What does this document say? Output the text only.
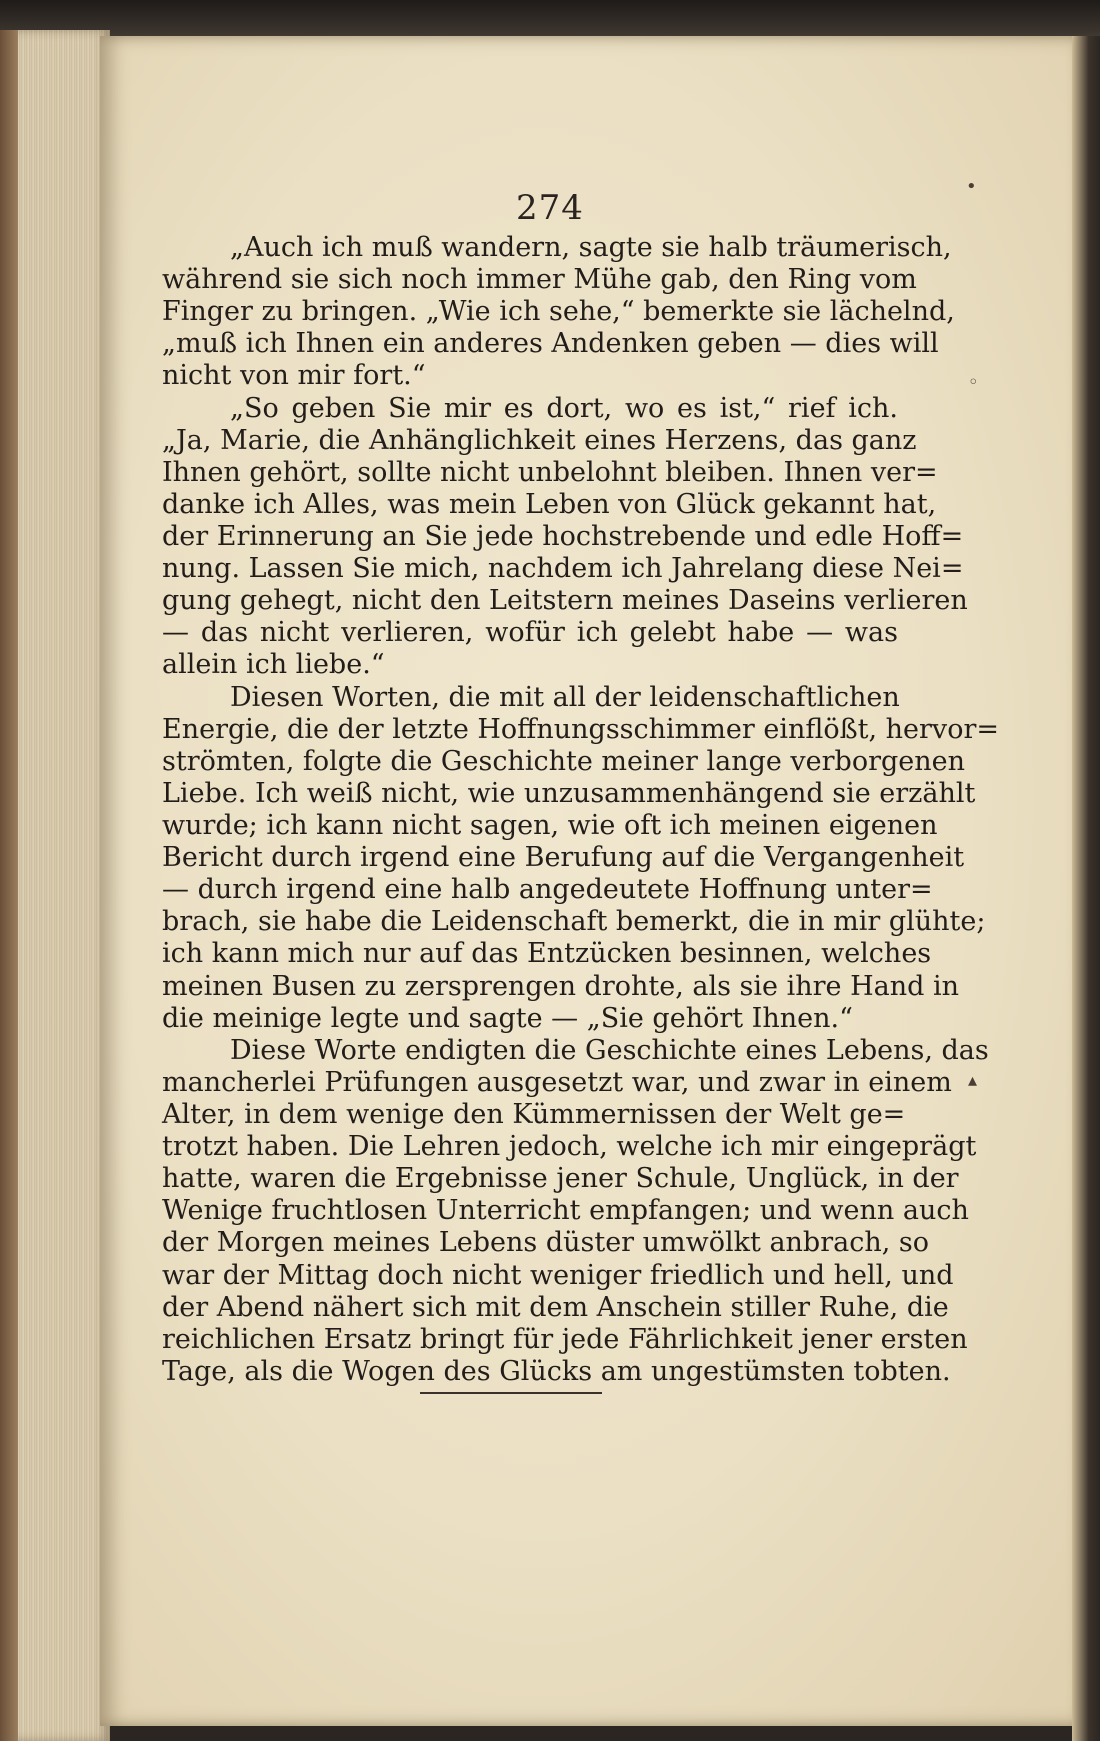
274
„Auch ich muß wandern, sagte sie halb träumerisch,
während sie sich noch immer Mühe gab, den Ring vom
Finger zu bringen. „Wie ich sehe,“ bemerkte sie lächelnd,
„muß ich Ihnen ein anderes Andenken geben — dies will
nicht von mir fort.“
„So geben Sie mir es dort, wo es ist,“ rief ich.
„Ja, Marie, die Anhänglichkeit eines Herzens, das ganz
Ihnen gehört, sollte nicht unbelohnt bleiben. Ihnen ver=
danke ich Alles, was mein Leben von Glück gekannt hat,
der Erinnerung an Sie jede hochstrebende und edle Hoff=
nung. Lassen Sie mich, nachdem ich Jahrelang diese Nei=
gung gehegt, nicht den Leitstern meines Daseins verlieren
— das nicht verlieren, wofür ich gelebt habe — was
allein ich liebe.“
Diesen Worten, die mit all der leidenschaftlichen
Energie, die der letzte Hoffnungsschimmer einflößt, hervor=
strömten, folgte die Geschichte meiner lange verborgenen
Liebe. Ich weiß nicht, wie unzusammenhängend sie erzählt
wurde; ich kann nicht sagen, wie oft ich meinen eigenen
Bericht durch irgend eine Berufung auf die Vergangenheit
— durch irgend eine halb angedeutete Hoffnung unter=
brach, sie habe die Leidenschaft bemerkt, die in mir glühte;
ich kann mich nur auf das Entzücken besinnen, welches
meinen Busen zu zersprengen drohte, als sie ihre Hand in
die meinige legte und sagte — „Sie gehört Ihnen.“
Diese Worte endigten die Geschichte eines Lebens, das
mancherlei Prüfungen ausgesetzt war, und zwar in einem
Alter, in dem wenige den Kümmernissen der Welt ge=
trotzt haben. Die Lehren jedoch, welche ich mir eingeprägt
hatte, waren die Ergebnisse jener Schule, Unglück, in der
Wenige fruchtlosen Unterricht empfangen; und wenn auch
der Morgen meines Lebens düster umwölkt anbrach, so
war der Mittag doch nicht weniger friedlich und hell, und
der Abend nähert sich mit dem Anschein stiller Ruhe, die
reichlichen Ersatz bringt für jede Fährlichkeit jener ersten
Tage, als die Wogen des Glücks am ungestümsten tobten.
•
◦
▴
